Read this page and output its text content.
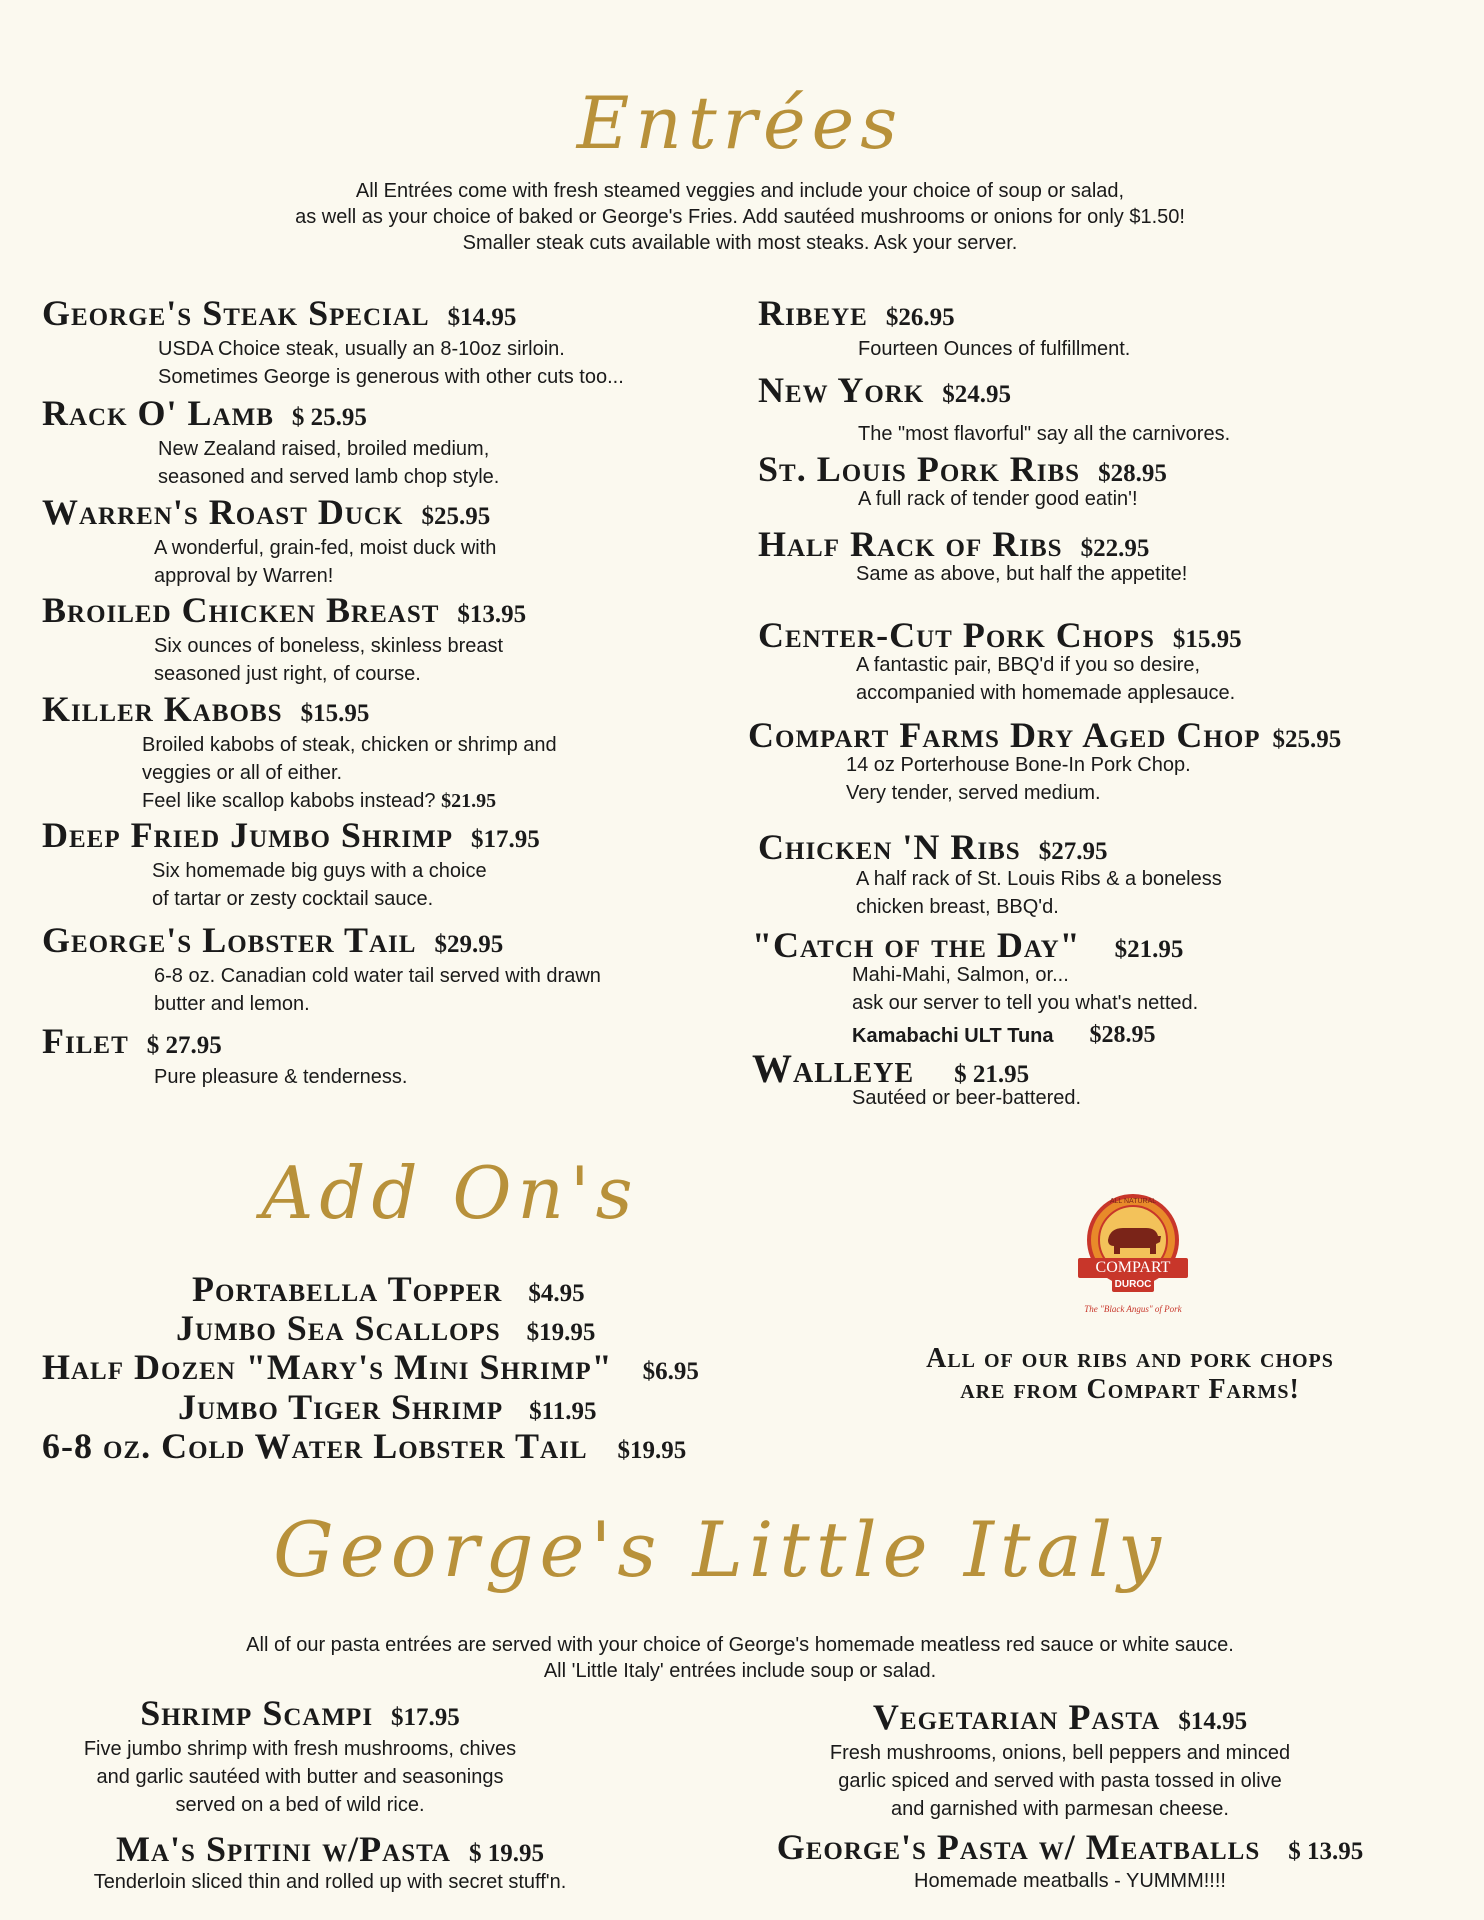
Entrées
All Entrées come with fresh steamed veggies and include your choice of soup or salad,
as well as your choice of baked or George's Fries. Add sautéed mushrooms or onions for only $1.50!
Smaller steak cuts available with most steaks. Ask your server.
George's Steak Special $14.95
USDA Choice steak, usually an 8-10oz sirloin.
Sometimes George is generous with other cuts too...
Rack O' Lamb $ 25.95
New Zealand raised, broiled medium,
seasoned and served lamb chop style.
Warren's Roast Duck $25.95
A wonderful, grain-fed, moist duck with
approval by Warren!
Broiled Chicken Breast $13.95
Six ounces of boneless, skinless breast
seasoned just right, of course.
Killer Kabobs $15.95
Broiled kabobs of steak, chicken or shrimp and
veggies or all of either.
Feel like scallop kabobs instead? $21.95
Deep Fried Jumbo Shrimp $17.95
Six homemade big guys with a choice
of tartar or zesty cocktail sauce.
George's Lobster Tail $29.95
6-8 oz. Canadian cold water tail served with drawn
butter and lemon.
Filet $ 27.95
Pure pleasure & tenderness.
Ribeye $26.95
Fourteen Ounces of fulfillment.
New York $24.95
The "most flavorful" say all the carnivores.
St. Louis Pork Ribs $28.95
A full rack of tender good eatin'!
Half Rack of Ribs $22.95
Same as above, but half the appetite!
Center-Cut Pork Chops $15.95
A fantastic pair, BBQ'd if you so desire,
accompanied with homemade applesauce.
Compart Farms Dry Aged Chop $25.95
14 oz Porterhouse Bone-In Pork Chop.
Very tender, served medium.
Chicken 'N Ribs $27.95
A half rack of St. Louis Ribs & a boneless
chicken breast, BBQ'd.
"Catch of the Day" $21.95
Mahi-Mahi, Salmon, or...
ask our server to tell you what's netted.
Kamabachi ULT Tuna $28.95
Walleye $ 21.95
Sautéed or beer-battered.
Add On's
Portabella Topper $4.95
Jumbo Sea Scallops $19.95
Half Dozen "Mary's Mini Shrimp" $6.95
Jumbo Tiger Shrimp $11.95
6-8 oz. Cold Water Lobster Tail $19.95
ALL NATURAL
COMPART
DUROC
The "Black Angus" of Pork
All of our ribs and pork chops
are from Compart Farms!
George's Little Italy
All of our pasta entrées are served with your choice of George's homemade meatless red sauce or white sauce.
All 'Little Italy' entrées include soup or salad.
Shrimp Scampi $17.95
Five jumbo shrimp with fresh mushrooms, chives
and garlic sautéed with butter and seasonings
served on a bed of wild rice.
Vegetarian Pasta $14.95
Fresh mushrooms, onions, bell peppers and minced
garlic spiced and served with pasta tossed in olive
and garnished with parmesan cheese.
Ma's Spitini w/Pasta $ 19.95
Tenderloin sliced thin and rolled up with secret stuff'n.
George's Pasta w/ Meatballs $ 13.95
Homemade meatballs - YUMMM!!!!
